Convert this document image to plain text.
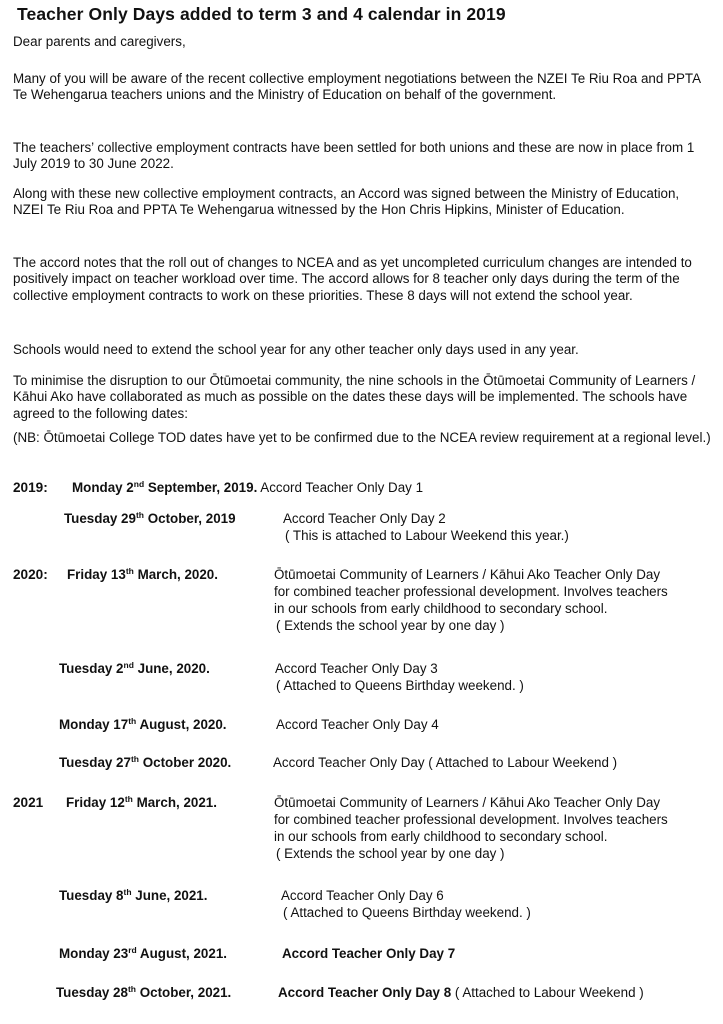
Teacher Only Days added to term 3 and 4 calendar in 2019

Dear parents and caregivers,

Many of you will be aware of the recent collective employment negotiations between the NZEI Te Riu Roa and PPTA Te Wehengarua teachers unions and the Ministry of Education on behalf of the government.

The teachers’ collective employment contracts have been settled for both unions and these are now in place from 1 July 2019 to 30 June 2022.

Along with these new collective employment contracts, an Accord was signed between the Ministry of Education, NZEI Te Riu Roa and PPTA Te Wehengarua witnessed by the Hon Chris Hipkins, Minister of Education.

The accord notes that the roll out of changes to NCEA and as yet uncompleted curriculum changes are intended to positively impact on teacher workload over time. The accord allows for 8 teacher only days during the term of the collective employment contracts to work on these priorities. These 8 days will not extend the school year.

Schools would need to extend the school year for any other teacher only days used in any year.

To minimise the disruption to our Ōtūmoetai community, the nine schools in the Ōtūmoetai Community of Learners / Kāhui Ako have collaborated as much as possible on the dates these days will be implemented. The schools have agreed to the following dates:

(NB: Ōtūmoetai College TOD dates have yet to be confirmed due to the NCEA review requirement at a regional level.)

2019: Monday 2nd September, 2019. Accord Teacher Only Day 1
Tuesday 29th October, 2019	Accord Teacher Only Day 2
( This is attached to Labour Weekend this year.)
2020: Friday 13th March, 2020.	Ōtūmoetai Community of Learners / Kāhui Ako Teacher Only Day
for combined teacher professional development. Involves teachers
in our schools from early childhood to secondary school.
( Extends the school year by one day )
Tuesday 2nd June, 2020.	Accord Teacher Only Day 3
( Attached to Queens Birthday weekend. )
Monday 17th August, 2020.	Accord Teacher Only Day 4
Tuesday 27th October 2020.	Accord Teacher Only Day ( Attached to Labour Weekend )
2021 Friday 12th March, 2021.	Ōtūmoetai Community of Learners / Kāhui Ako Teacher Only Day
for combined teacher professional development. Involves teachers
in our schools from early childhood to secondary school.
( Extends the school year by one day )
Tuesday 8th June, 2021.	Accord Teacher Only Day 6
( Attached to Queens Birthday weekend. )
Monday 23rd August, 2021.	Accord Teacher Only Day 7
Tuesday 28th October, 2021.	Accord Teacher Only Day 8 ( Attached to Labour Weekend )
